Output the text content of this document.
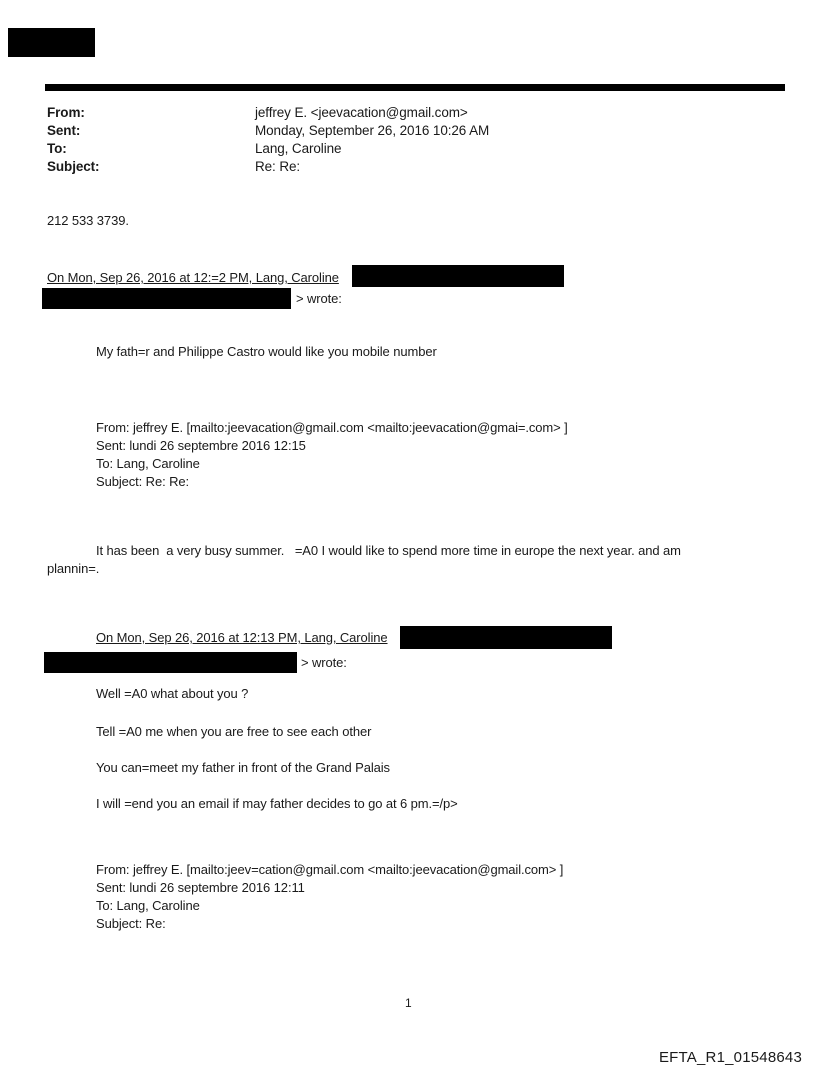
From:	jeffrey E. <jeevacation@gmail.com>
Sent:	Monday, September 26, 2016 10:26 AM
To:	Lang, Caroline
Subject:	Re: Re:
212 533 3739.
On Mon, Sep 26, 2016 at 12:=2 PM, Lang, Caroline
> wrote:
My fath=r and Philippe Castro would like you mobile number
From: jeffrey E. [mailto:jeevacation@gmail.com <mailto:jeevacation@gmai=.com> ]
Sent: lundi 26 septembre 2016 12:15
To: Lang, Caroline
Subject: Re: Re:
It has been  a very busy summer.   =A0 I would like to spend more time in europe the next year. and am
plannin=.
On Mon, Sep 26, 2016 at 12:13 PM, Lang, Caroline
> wrote:
Well =A0 what about you ?
Tell =A0 me when you are free to see each other
You can=meet my father in front of the Grand Palais
I will =end you an email if may father decides to go at 6 pm.=/p>
From: jeffrey E. [mailto:jeev=cation@gmail.com <mailto:jeevacation@gmail.com> ]
Sent: lundi 26 septembre 2016 12:11
To: Lang, Caroline
Subject: Re:
1
EFTA_R1_01548643
